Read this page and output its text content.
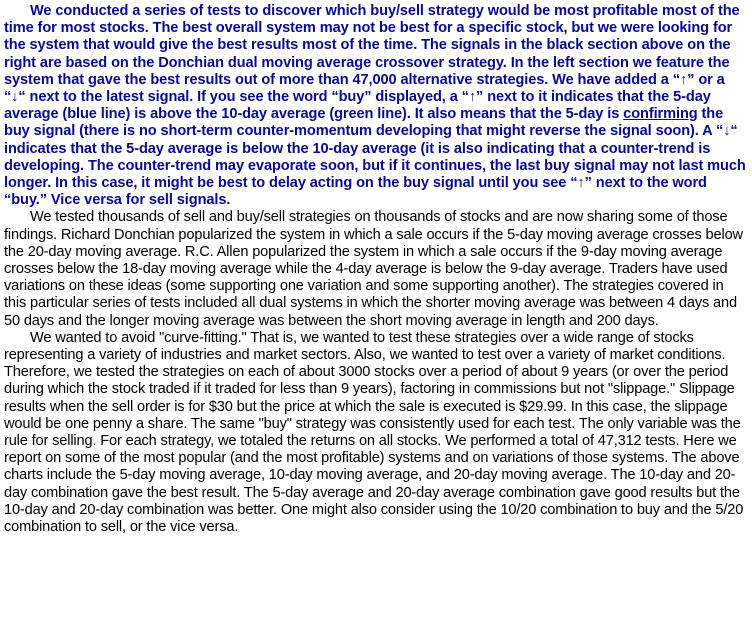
We conducted a series of tests to discover which buy/sell strategy would be most profitable most of the time for most stocks. The best overall system may not be best for a specific stock, but we were looking for the system that would give the best results most of the time. The signals in the black section above on the right are based on the Donchian dual moving average crossover strategy. In the left section we feature the system that gave the best results out of more than 47,000 alternative strategies. We have added a “↑” or a “↓“ next to the latest signal. If you see the word “buy” displayed, a “↑” next to it indicates that the 5-day average (blue line) is above the 10-day average (green line). It also means that the 5-day is confirming the buy signal (there is no short-term counter-momentum developing that might reverse the signal soon). A “↓“ indicates that the 5-day average is below the 10-day average (it is also indicating that a counter-trend is developing. The counter-trend may evaporate soon, but if it continues, the last buy signal may not last much longer. In this case, it might be best to delay acting on the buy signal until you see “↑” next to the word “buy.” Vice versa for sell signals.

We tested thousands of sell and buy/sell strategies on thousands of stocks and are now sharing some of those findings. Richard Donchian popularized the system in which a sale occurs if the 5-day moving average crosses below the 20-day moving average. R.C. Allen popularized the system in which a sale occurs if the 9-day moving average crosses below the 18-day moving average while the 4-day average is below the 9-day average. Traders have used variations on these ideas (some supporting one variation and some supporting another). The strategies covered in this particular series of tests included all dual systems in which the shorter moving average was between 4 days and 50 days and the longer moving average was between the short moving average in length and 200 days.

We wanted to avoid "curve-fitting." That is, we wanted to test these strategies over a wide range of stocks representing a variety of industries and market sectors. Also, we wanted to test over a variety of market conditions. Therefore, we tested the strategies on each of about 3000 stocks over a period of about 9 years (or over the period during which the stock traded if it traded for less than 9 years), factoring in commissions but not "slippage." Slippage results when the sell order is for $30 but the price at which the sale is executed is $29.99. In this case, the slippage would be one penny a share. The same "buy" strategy was consistently used for each test. The only variable was the rule for selling. For each strategy, we totaled the returns on all stocks. We performed a total of 47,312 tests. Here we report on some of the most popular (and the most profitable) systems and on variations of those systems. The above charts include the 5-day moving average, 10-day moving average, and 20-day moving average. The 10-day and 20-day combination gave the best result. The 5-day average and 20-day average combination gave good results but the 10-day and 20-day combination was better. One might also consider using the 10/20 combination to buy and the 5/20 combination to sell, or the vice versa.
